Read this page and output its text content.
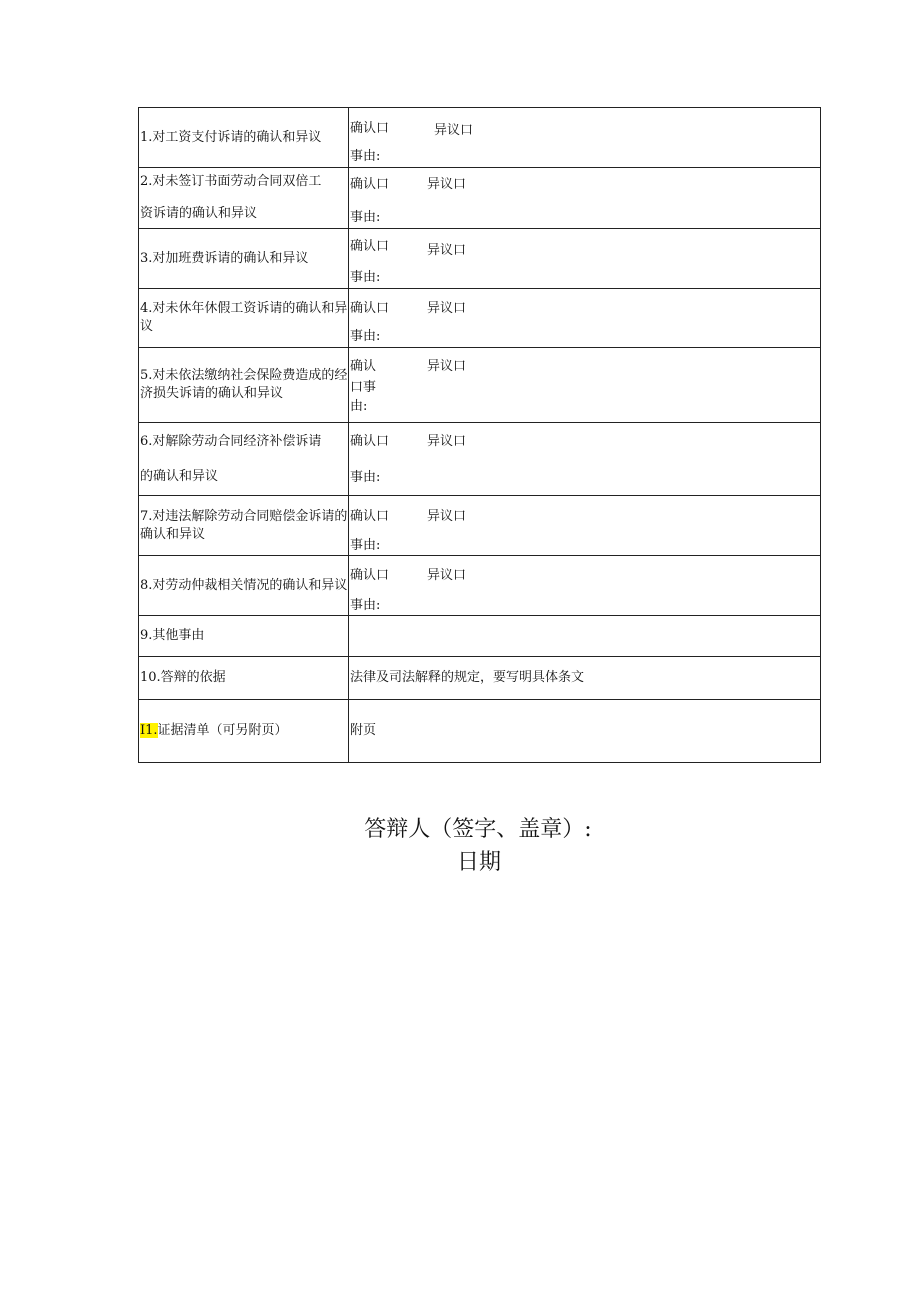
1.对工资支付诉请的确认和异议	确认口 异议口
事由:

2.对未签订书面劳动合同双倍工
资诉请的确认和异议	确认口 异议口
事由:

3.对加班费诉请的确认和异议	确认口 异议口
事由:

4.对未休年休假工资诉请的确认和异议	确认口 异议口
事由:

5.对未依法缴纳社会保险费造成的经济损失诉请的确认和异议	确认 异议口
口事
由:

6.对解除劳动合同经济补偿诉请
的确认和异议	确认口 异议口
事由:

7.对违法解除劳动合同赔偿金诉请的确认和异议	确认口 异议口
事由:

8.对劳动仲裁相关情况的确认和异议	确认口 异议口
事由:

9.其他事由	
10.答辩的依据	法律及司法解释的规定，要写明具体条文
I1.证据清单（可另附页）	附页
答辩人（签字、盖章）:
日期
